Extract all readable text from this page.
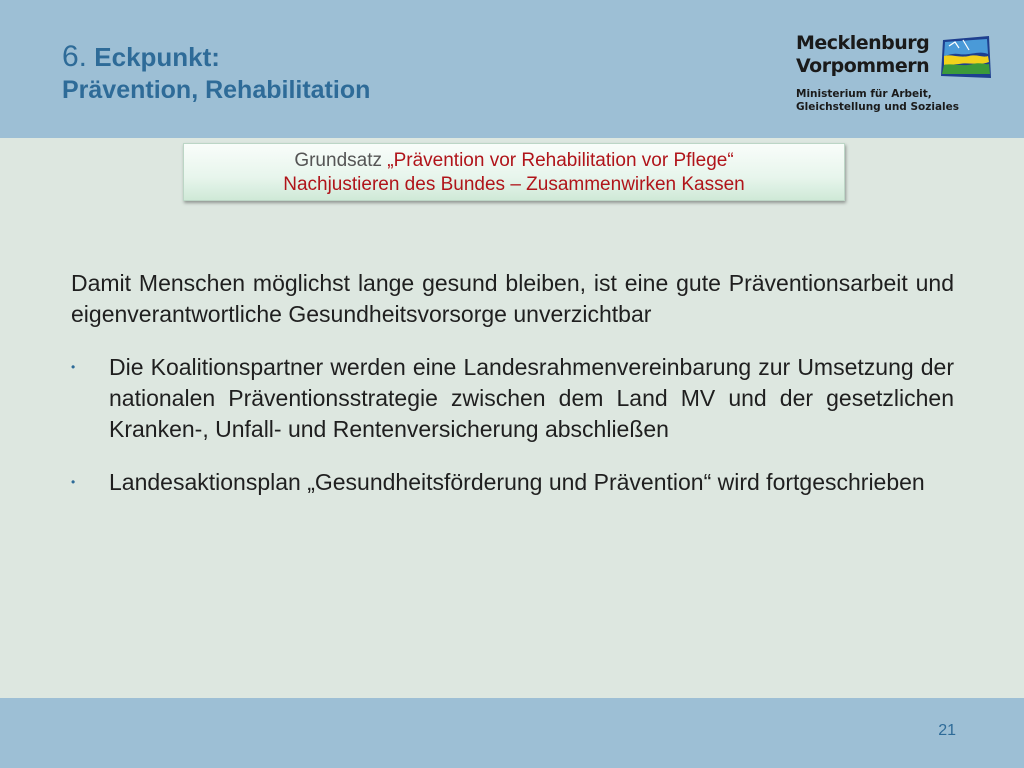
6. Eckpunkt:
Prävention, Rehabilitation
Mecklenburg
Vorpommern
Ministerium für Arbeit,
Gleichstellung und Soziales
Grundsatz „Prävention vor Rehabilitation vor Pflege“
Nachjustieren des Bundes – Zusammenwirken Kassen

Damit Menschen möglichst lange gesund bleiben, ist eine gute Präventionsarbeit und eigenverantwortliche Gesundheitsvorsorge unverzichtbar

• Die Koalitionspartner werden eine Landesrahmenvereinbarung zur Umsetzung der nationalen Präventionsstrategie zwischen dem Land MV und der gesetzlichen Kranken-, Unfall- und Rentenversicherung abschließen
• Landesaktionsplan „Gesundheitsförderung und Prävention“ wird fortgeschrieben
21
